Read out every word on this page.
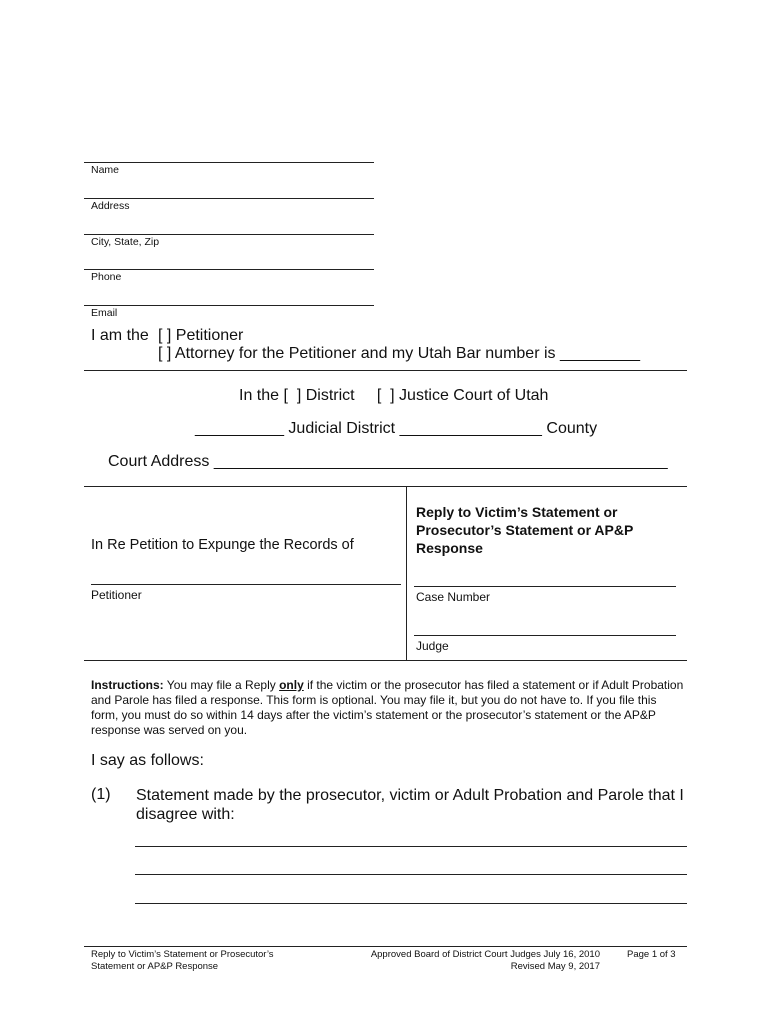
Name
Address
City, State, Zip
Phone
Email
I am the [ ] Petitioner
[ ] Attorney for the Petitioner and my Utah Bar number is _________
In the [  ] District     [  ] Justice Court of Utah
__________ Judicial District ________________ County
Court Address ___________________________________________________
In Re Petition to Expunge the Records of
Petitioner
Reply to Victim’s Statement or
Prosecutor’s Statement or AP&P
Response
Case Number
Judge
Instructions: You may file a Reply only if the victim or the prosecutor has filed a statement or if Adult Probation and Parole has filed a response. This form is optional. You may file it, but you do not have to. If you file this form, you must do so within 14 days after the victim’s statement or the prosecutor’s statement or the AP&P response was served on you.
I say as follows:
(1) Statement made by the prosecutor, victim or Adult Probation and Parole that I
disagree with:
Reply to Victim’s Statement or Prosecutor’s
Statement or AP&P Response
Approved Board of District Court Judges July 16, 2010
Revised May 9, 2017
Page 1 of 3
